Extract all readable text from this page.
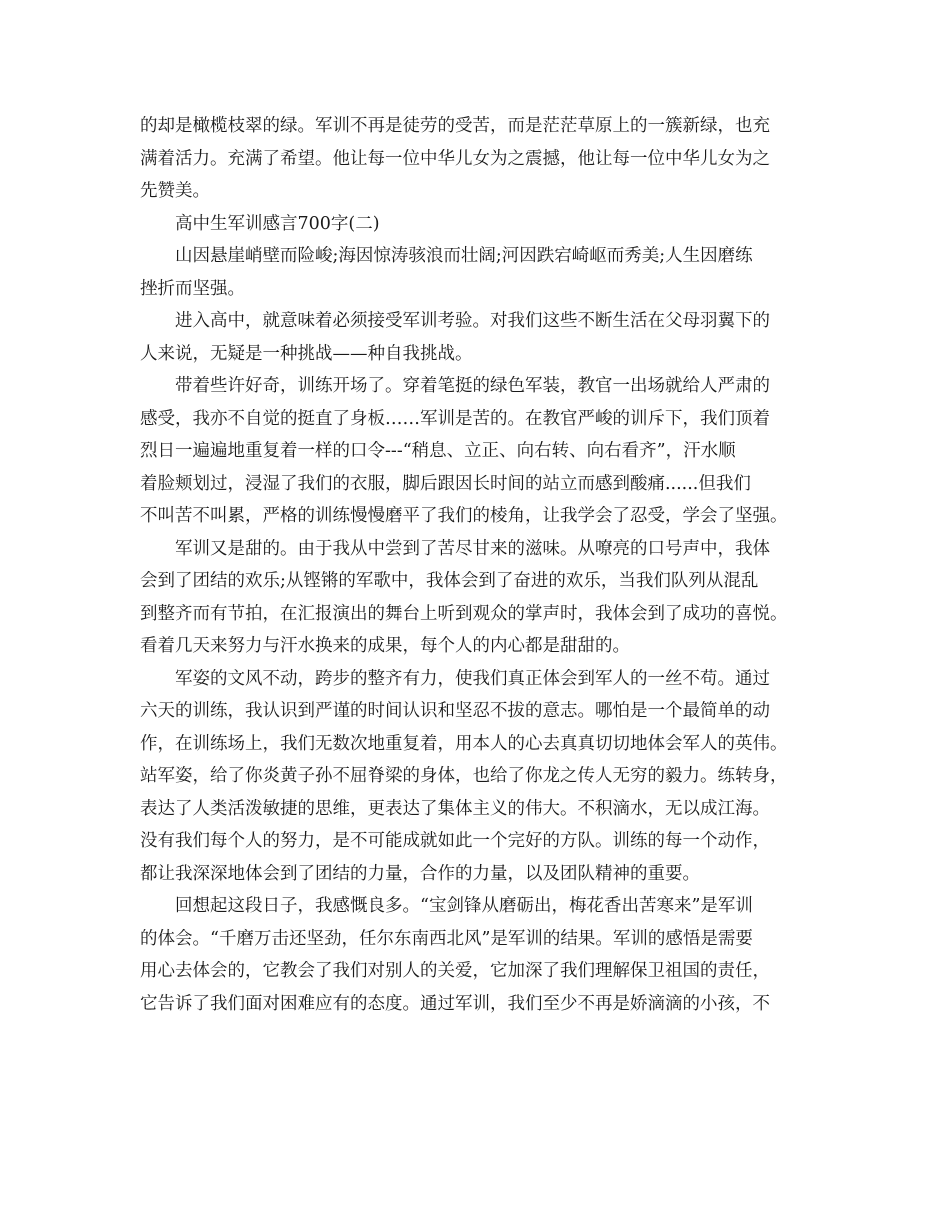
的却是橄榄枝翠的绿。军训不再是徒劳的受苦，而是茫茫草原上的一簇新绿，也充
满着活力。充满了希望。他让每一位中华儿女为之震撼，他让每一位中华儿女为之
先赞美。
高中生军训感言700字(二)
山因悬崖峭壁而险峻;海因惊涛骇浪而壮阔;河因跌宕崎岖而秀美;人生因磨练
挫折而坚强。
进入高中，就意味着必须接受军训考验。对我们这些不断生活在父母羽翼下的
人来说，无疑是一种挑战——种自我挑战。
带着些许好奇，训练开场了。穿着笔挺的绿色军装，教官一出场就给人严肃的
感受，我亦不自觉的挺直了身板……军训是苦的。在教官严峻的训斥下，我们顶着
烈日一遍遍地重复着一样的口令---“稍息、立正、向右转、向右看齐”，汗水顺
着脸颊划过，浸湿了我们的衣服，脚后跟因长时间的站立而感到酸痛......但我们
不叫苦不叫累，严格的训练慢慢磨平了我们的棱角，让我学会了忍受，学会了坚强。
军训又是甜的。由于我从中尝到了苦尽甘来的滋味。从嘹亮的口号声中，我体
会到了团结的欢乐;从铿锵的军歌中，我体会到了奋进的欢乐，当我们队列从混乱
到整齐而有节拍，在汇报演出的舞台上听到观众的掌声时，我体会到了成功的喜悦。
看着几天来努力与汗水换来的成果，每个人的内心都是甜甜的。
军姿的文风不动，跨步的整齐有力，使我们真正体会到军人的一丝不苟。通过
六天的训练，我认识到严谨的时间认识和坚忍不拔的意志。哪怕是一个最简单的动
作，在训练场上，我们无数次地重复着，用本人的心去真真切切地体会军人的英伟。
站军姿，给了你炎黄子孙不屈脊梁的身体，也给了你龙之传人无穷的毅力。练转身，
表达了人类活泼敏捷的思维，更表达了集体主义的伟大。不积滴水，无以成江海。
没有我们每个人的努力，是不可能成就如此一个完好的方队。训练的每一个动作，
都让我深深地体会到了团结的力量，合作的力量，以及团队精神的重要。
回想起这段日子，我感慨良多。“宝剑锋从磨砺出，梅花香出苦寒来”是军训
的体会。“千磨万击还坚劲，任尔东南西北风”是军训的结果。军训的感悟是需要
用心去体会的，它教会了我们对别人的关爱，它加深了我们理解保卫祖国的责任，
它告诉了我们面对困难应有的态度。通过军训，我们至少不再是娇滴滴的小孩，不
